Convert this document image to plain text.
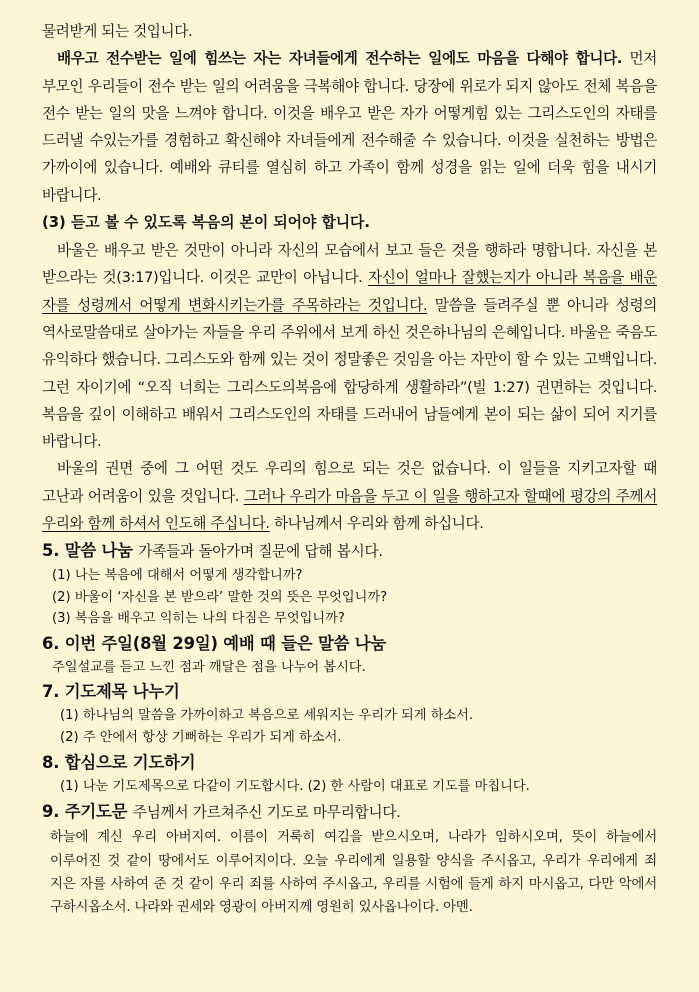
물려받게 되는 것입니다.

배우고 전수받는 일에 힘쓰는 자는 자녀들에게 전수하는 일에도 마음을 다해야 합니다. 먼저 부모인 우리들이 전수 받는 일의 어려움을 극복해야 합니다. 당장에 위로가 되지 않아도 전체 복음을 전수 받는 일의 맛을 느껴야 합니다. 이것을 배우고 받은 자가 어떻게힘 있는 그리스도인의 자태를 드러낼 수있는가를 경험하고 확신해야 자녀들에게 전수해줄 수 있습니다. 이것을 실천하는 방법은 가까이에 있습니다. 예배와 큐티를 열심히 하고 가족이 함께 성경을 읽는 일에 더욱 힘을 내시기 바랍니다.

(3) 듣고 볼 수 있도록 복음의 본이 되어야 합니다.

바울은 배우고 받은 것만이 아니라 자신의 모습에서 보고 들은 것을 행하라 명합니다. 자신을 본 받으라는 것(3:17)입니다. 이것은 교만이 아닙니다. 자신이 얼마나 잘했는지가 아니라 복음을 배운 자를 성령께서 어떻게 변화시키는가를 주목하라는 것입니다. 말씀을 들려주실 뿐 아니라 성령의 역사로말씀대로 살아가는 자들을 우리 주위에서 보게 하신 것은하나님의 은혜입니다. 바울은 죽음도 유익하다 했습니다. 그리스도와 함께 있는 것이 정말좋은 것임을 아는 자만이 할 수 있는 고백입니다. 그런 자이기에 “오직 너희는 그리스도의복음에 합당하게 생활하라”(빌 1:27) 권면하는 것입니다. 복음을 깊이 이해하고 배워서 그리스도인의 자태를 드러내어 남들에게 본이 되는 삶이 되어 지기를 바랍니다.

바울의 권면 중에 그 어떤 것도 우리의 힘으로 되는 것은 없습니다. 이 일들을 지키고자할 때 고난과 어려움이 있을 것입니다. 그러나 우리가 마음을 두고 이 일을 행하고자 할때에 평강의 주께서 우리와 함께 하셔서 인도해 주십니다. 하나님께서 우리와 함께 하십니다.

5. 말씀 나눔 가족들과 돌아가며 질문에 답해 봅시다.

(1) 나는 복음에 대해서 어떻게 생각합니까?

(2) 바울이 ‘자신을 본 받으라’ 말한 것의 뜻은 무엇입니까?

(3) 복음을 배우고 익히는 나의 다짐은 무엇입니까?

6. 이번 주일(8월 29일) 예배 때 들은 말씀 나눔

주일설교를 듣고 느낀 점과 깨달은 점을 나누어 봅시다.

7. 기도제목 나누기

(1) 하나님의 말씀을 가까이하고 복음으로 세워지는 우리가 되게 하소서.

(2) 주 안에서 항상 기뻐하는 우리가 되게 하소서.

8. 합심으로 기도하기

(1) 나눈 기도제목으로 다같이 기도합시다. (2) 한 사람이 대표로 기도를 마칩니다.

9. 주기도문 주님께서 가르쳐주신 기도로 마무리합니다.

하늘에 계신 우리 아버지여. 이름이 거룩히 여김을 받으시오며, 나라가 임하시오며, 뜻이 하늘에서 이루어진 것 같이 땅에서도 이루어지이다. 오늘 우리에게 일용할 양식을 주시옵고, 우리가 우리에게 죄 지은 자를 사하여 준 것 같이 우리 죄를 사하여 주시옵고, 우리를 시험에 들게 하지 마시옵고, 다만 악에서 구하시옵소서. 나라와 권세와 영광이 아버지께 영원히 있사옵나이다. 아멘.
